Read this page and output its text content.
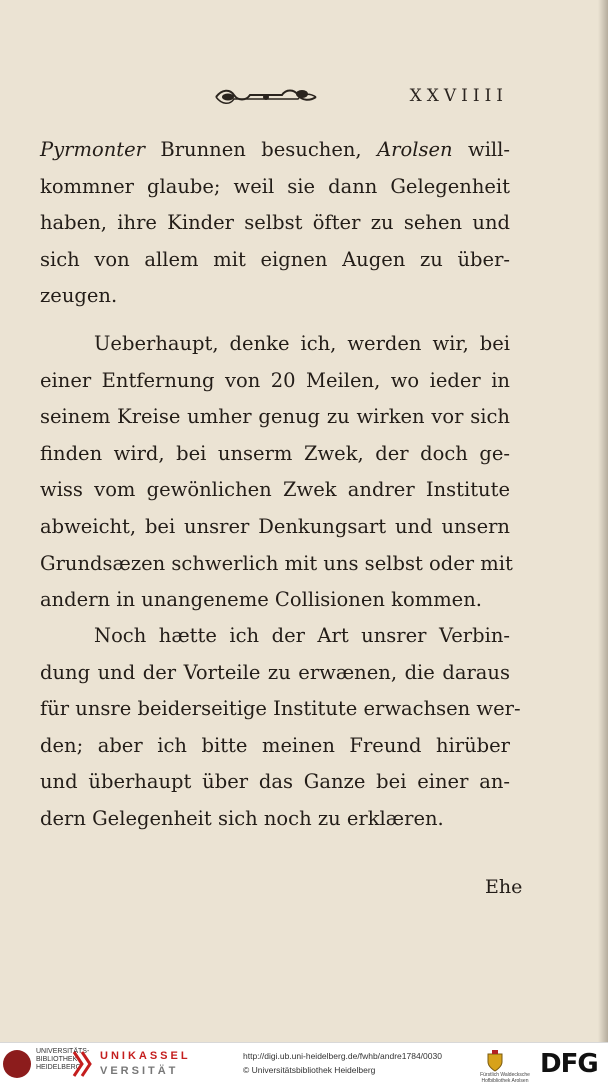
XXVIIII
Pyrmonter Brunnen besuchen, Arolsen will-
kommner glaube; weil sie dann Gelegenheit
haben, ihre Kinder selbst öfter zu sehen und
sich von allem mit eignen Augen zu über-
zeugen.
Ueberhaupt, denke ich, werden wir, bei
einer Entfernung von 20 Meilen, wo ieder in
seinem Kreise umher genug zu wirken vor sich
finden wird, bei unserm Zwek, der doch ge-
wiss vom gewönlichen Zwek andrer Institute
abweicht, bei unsrer Denkungsart und unsern
Grundsæzen schwerlich mit uns selbst oder mit
andern in unangeneme Collisionen kommen.
Noch hætte ich der Art unsrer Verbin-
dung und der Vorteile zu erwænen, die daraus
für unsre beiderseitige Institute erwachsen wer-
den; aber ich bitte meinen Freund hirüber
und überhaupt über das Ganze bei einer an-
dern Gelegenheit sich noch zu erklæren.
Ehe
UNIVERSITÄTS-BIBLIOTHEK HEIDELBERG
UNIKASSEL
VERSITÄT
http://digi.ub.uni-heidelberg.de/fwhb/andre1784/0030
© Universitätsbibliothek Heidelberg	Fürstlich Waldecksche Hofbibliothek Arolsen
DFG
